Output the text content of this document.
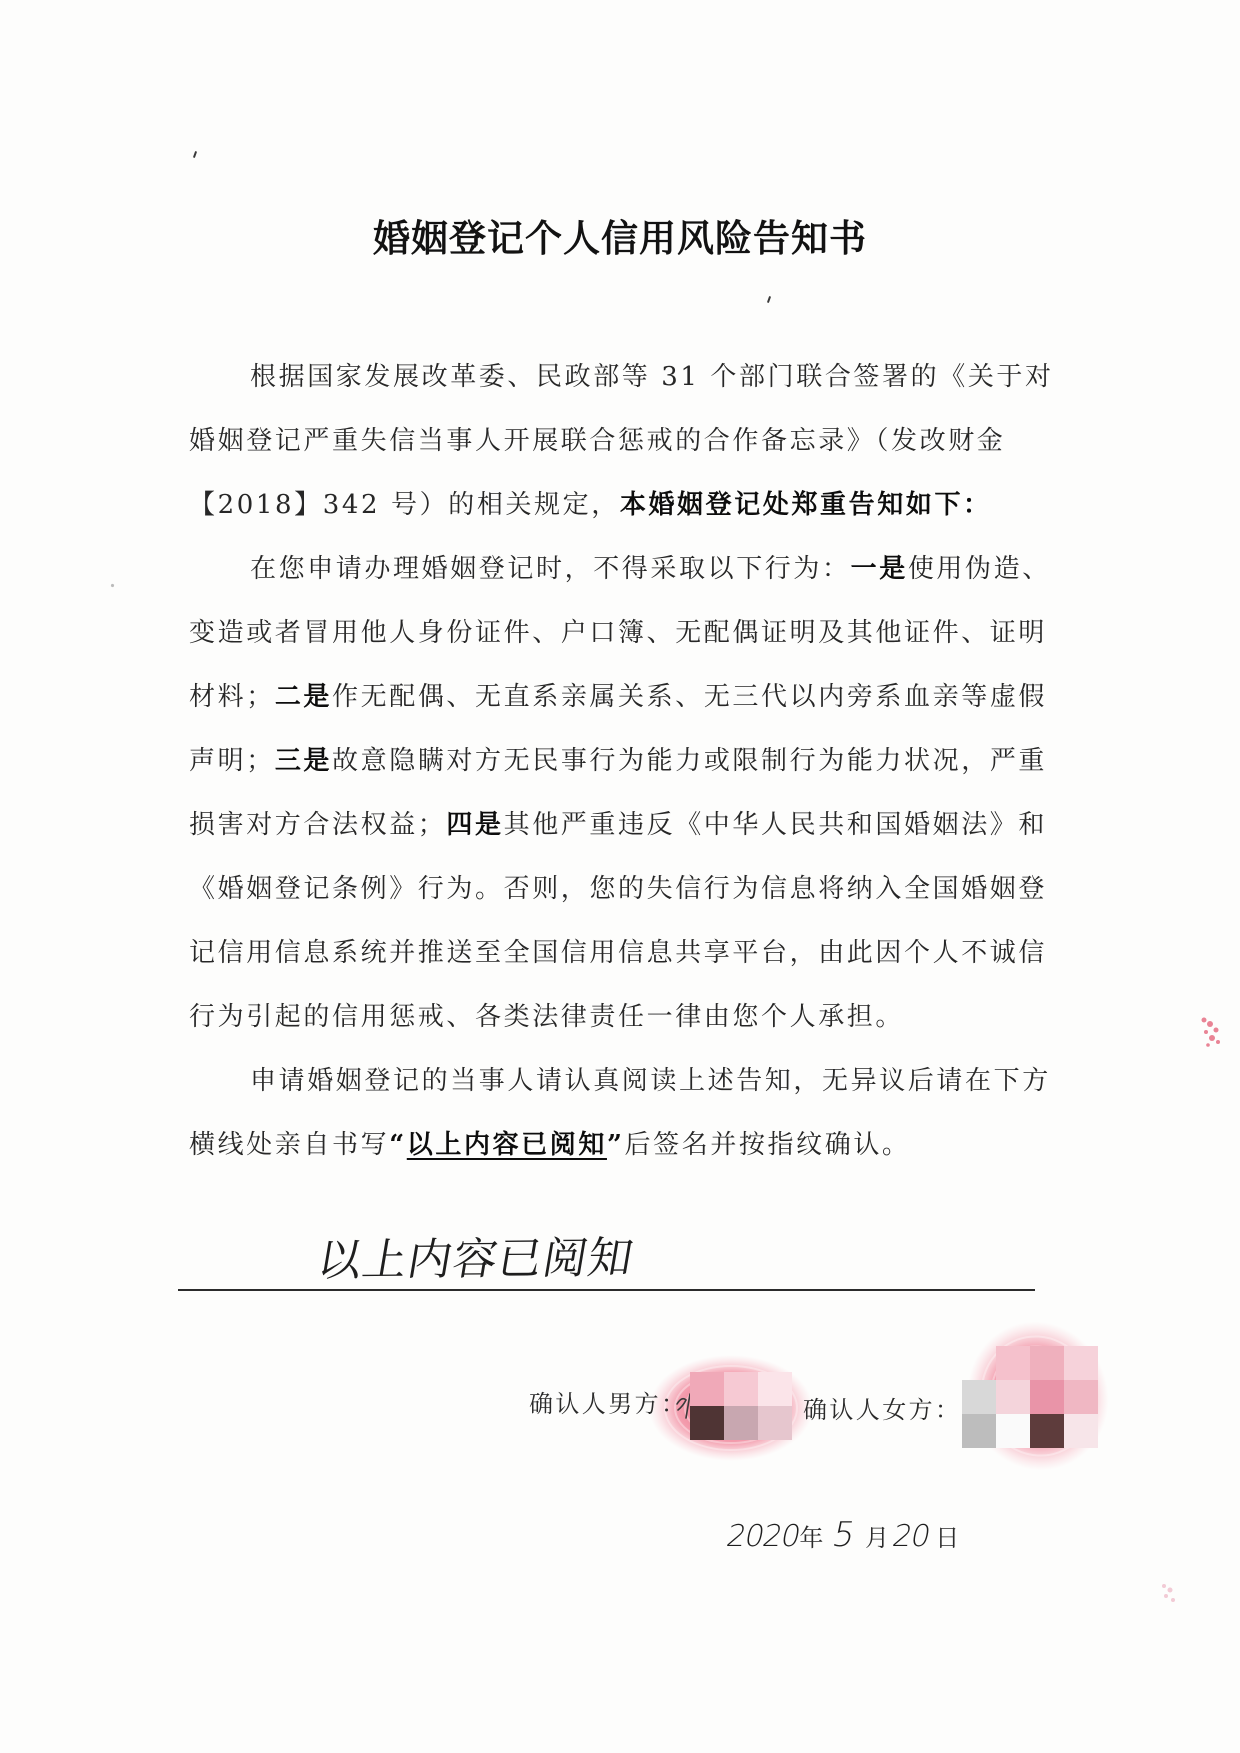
婚姻登记个人信用风险告知书
根据国家发展改革委、民政部等 31 个部门联合签署的《关于对
婚姻登记严重失信当事人开展联合惩戒的合作备忘录》（发改财金
【2018】342 号）的相关规定，本婚姻登记处郑重告知如下：
在您申请办理婚姻登记时，不得采取以下行为：一是使用伪造、
变造或者冒用他人身份证件、户口簿、无配偶证明及其他证件、证明
材料；二是作无配偶、无直系亲属关系、无三代以内旁系血亲等虚假
声明；三是故意隐瞒对方无民事行为能力或限制行为能力状况，严重
损害对方合法权益；四是其他严重违反《中华人民共和国婚姻法》和
《婚姻登记条例》行为。否则，您的失信行为信息将纳入全国婚姻登
记信用信息系统并推送至全国信用信息共享平台，由此因个人不诚信
行为引起的信用惩戒、各类法律责任一律由您个人承担。
申请婚姻登记的当事人请认真阅读上述告知，无异议后请在下方
横线处亲自书写“以上内容已阅知”后签名并按指纹确认。
以上内容已阅知
确认人男方：	确认人女方：
2020
年 5 月 20 日
